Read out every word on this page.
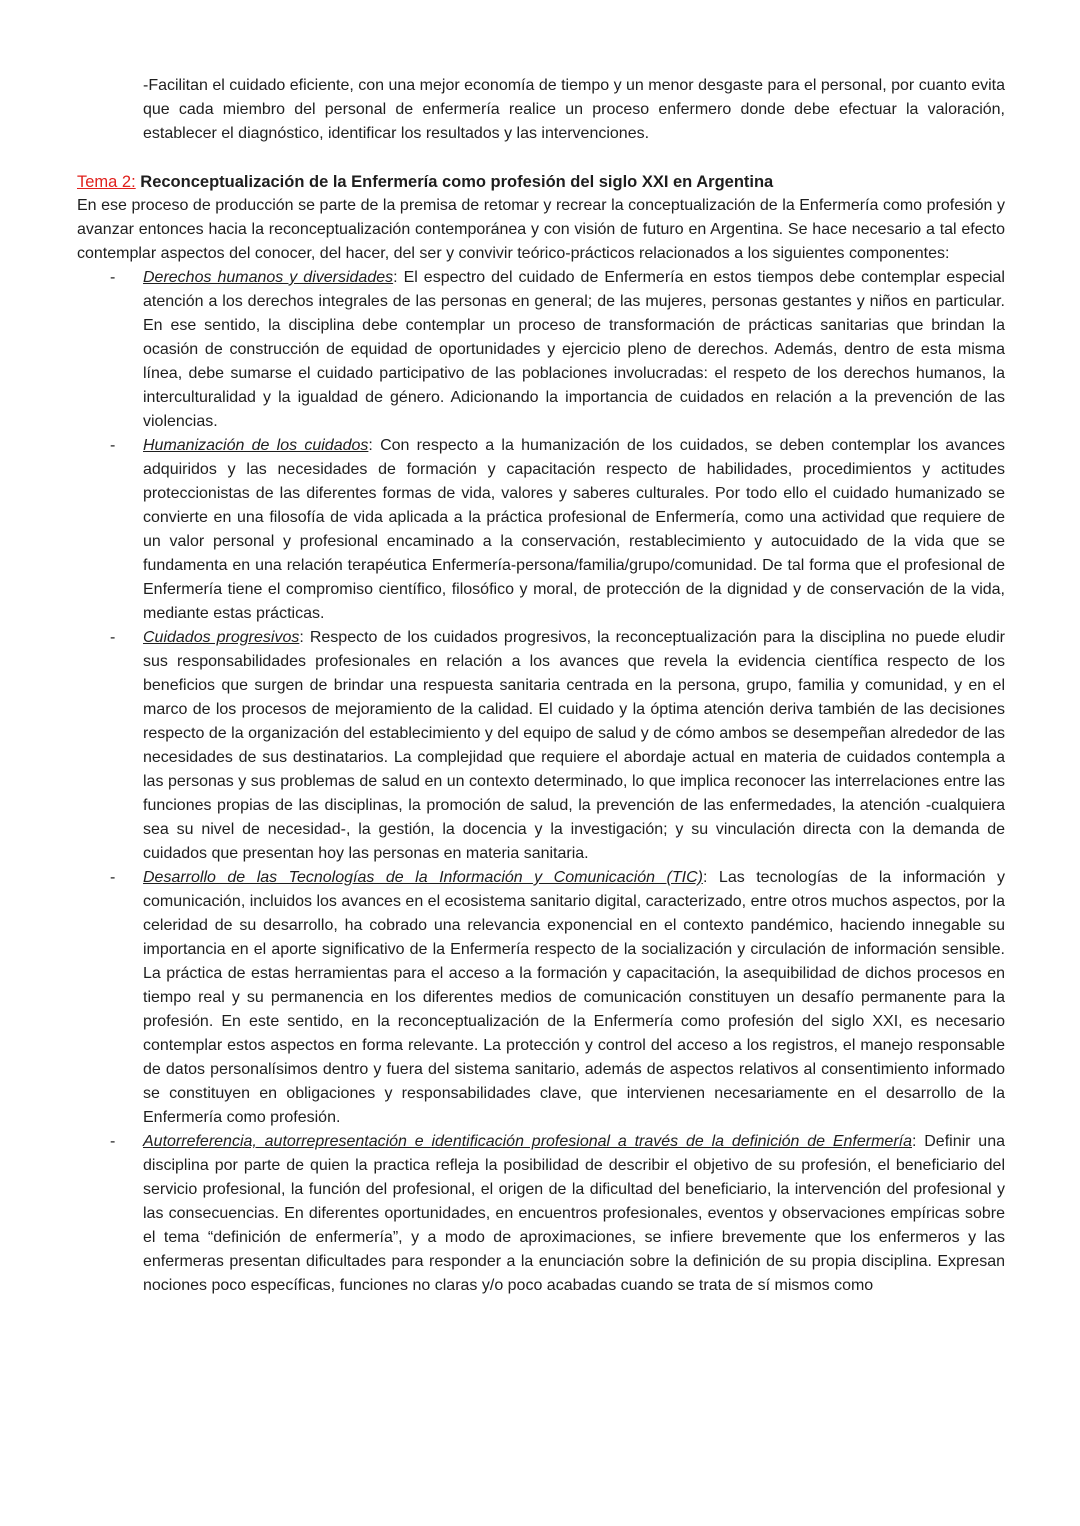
-Facilitan el cuidado eficiente, con una mejor economía de tiempo y un menor desgaste para el personal, por cuanto evita que cada miembro del personal de enfermería realice un proceso enfermero donde debe efectuar la valoración, establecer el diagnóstico, identificar los resultados y las intervenciones.

Tema 2: Reconceptualización de la Enfermería como profesión del siglo XXI en Argentina

En ese proceso de producción se parte de la premisa de retomar y recrear la conceptualización de la Enfermería como profesión y avanzar entonces hacia la reconceptualización contemporánea y con visión de futuro en Argentina. Se hace necesario a tal efecto contemplar aspectos del conocer, del hacer, del ser y convivir teórico-prácticos relacionados a los siguientes componentes:

- Derechos humanos y diversidades: El espectro del cuidado de Enfermería en estos tiempos debe contemplar especial atención a los derechos integrales de las personas en general; de las mujeres, personas gestantes y niños en particular. En ese sentido, la disciplina debe contemplar un proceso de transformación de prácticas sanitarias que brindan la ocasión de construcción de equidad de oportunidades y ejercicio pleno de derechos. Además, dentro de esta misma línea, debe sumarse el cuidado participativo de las poblaciones involucradas: el respeto de los derechos humanos, la interculturalidad y la igualdad de género. Adicionando la importancia de cuidados en relación a la prevención de las violencias.

- Humanización de los cuidados: Con respecto a la humanización de los cuidados, se deben contemplar los avances adquiridos y las necesidades de formación y capacitación respecto de habilidades, procedimientos y actitudes proteccionistas de las diferentes formas de vida, valores y saberes culturales. Por todo ello el cuidado humanizado se convierte en una filosofía de vida aplicada a la práctica profesional de Enfermería, como una actividad que requiere de un valor personal y profesional encaminado a la conservación, restablecimiento y autocuidado de la vida que se fundamenta en una relación terapéutica Enfermería-persona/familia/grupo/comunidad. De tal forma que el profesional de Enfermería tiene el compromiso científico, filosófico y moral, de protección de la dignidad y de conservación de la vida, mediante estas prácticas.

- Cuidados progresivos: Respecto de los cuidados progresivos, la reconceptualización para la disciplina no puede eludir sus responsabilidades profesionales en relación a los avances que revela la evidencia científica respecto de los beneficios que surgen de brindar una respuesta sanitaria centrada en la persona, grupo, familia y comunidad, y en el marco de los procesos de mejoramiento de la calidad. El cuidado y la óptima atención deriva también de las decisiones respecto de la organización del establecimiento y del equipo de salud y de cómo ambos se desempeñan alrededor de las necesidades de sus destinatarios. La complejidad que requiere el abordaje actual en materia de cuidados contempla a las personas y sus problemas de salud en un contexto determinado, lo que implica reconocer las interrelaciones entre las funciones propias de las disciplinas, la promoción de salud, la prevención de las enfermedades, la atención -cualquiera sea su nivel de necesidad-, la gestión, la docencia y la investigación; y su vinculación directa con la demanda de cuidados que presentan hoy las personas en materia sanitaria.

- Desarrollo de las Tecnologías de la Información y Comunicación (TIC): Las tecnologías de la información y comunicación, incluidos los avances en el ecosistema sanitario digital, caracterizado, entre otros muchos aspectos, por la celeridad de su desarrollo, ha cobrado una relevancia exponencial en el contexto pandémico, haciendo innegable su importancia en el aporte significativo de la Enfermería respecto de la socialización y circulación de información sensible. La práctica de estas herramientas para el acceso a la formación y capacitación, la asequibilidad de dichos procesos en tiempo real y su permanencia en los diferentes medios de comunicación constituyen un desafío permanente para la profesión. En este sentido, en la reconceptualización de la Enfermería como profesión del siglo XXI, es necesario contemplar estos aspectos en forma relevante. La protección y control del acceso a los registros, el manejo responsable de datos personalísimos dentro y fuera del sistema sanitario, además de aspectos relativos al consentimiento informado se constituyen en obligaciones y responsabilidades clave, que intervienen necesariamente en el desarrollo de la Enfermería como profesión.

- Autorreferencia, autorrepresentación e identificación profesional a través de la definición de Enfermería: Definir una disciplina por parte de quien la practica refleja la posibilidad de describir el objetivo de su profesión, el beneficiario del servicio profesional, la función del profesional, el origen de la dificultad del beneficiario, la intervención del profesional y las consecuencias. En diferentes oportunidades, en encuentros profesionales, eventos y observaciones empíricas sobre el tema “definición de enfermería”, y a modo de aproximaciones, se infiere brevemente que los enfermeros y las enfermeras presentan dificultades para responder a la enunciación sobre la definición de su propia disciplina. Expresan nociones poco específicas, funciones no claras y/o poco acabadas cuando se trata de sí mismos como
